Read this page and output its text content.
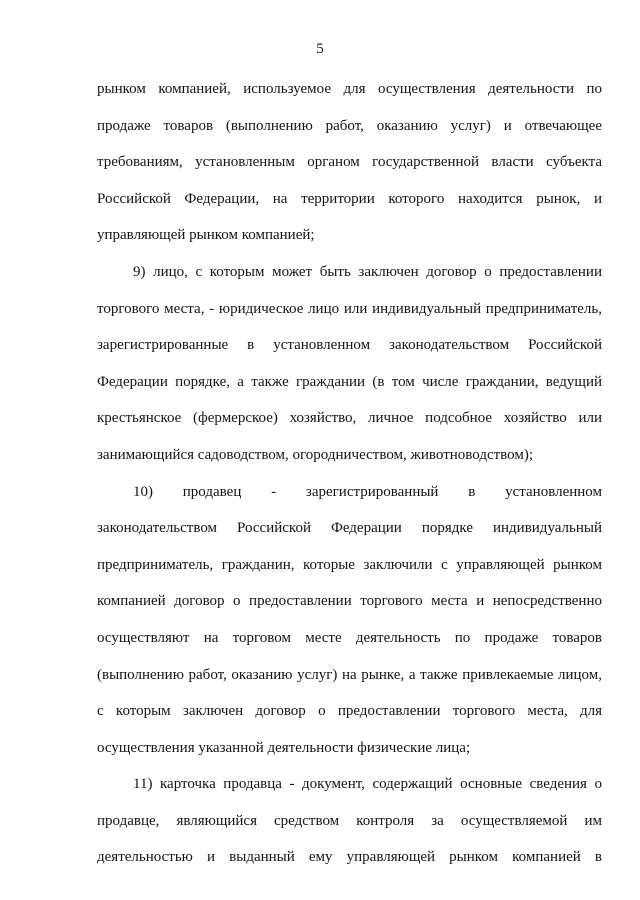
5
рынком компанией, используемое для осуществления деятельности по
продаже товаров (выполнению работ, оказанию услуг) и отвечающее
требованиям, установленным органом государственной власти субъекта
Российской Федерации, на территории которого находится рынок, и
управляющей рынком компанией;
9) лицо, с которым может быть заключен договор о предоставлении
торгового места, - юридическое лицо или индивидуальный предприниматель,
зарегистрированные в установленном законодательством Российской
Федерации порядке, а также граждании (в том числе граждании, ведущий
крестьянское (фермерское) хозяйство, личное подсобное хозяйство или
занимающийся садоводством, огородничеством, животноводством);
10) продавец - зарегистрированный в установленном
законодательством Российской Федерации порядке индивидуальный
предприниматель, гражданин, которые заключили с управляющей рынком
компанией договор о предоставлении торгового места и непосредственно
осуществляют на торговом месте деятельность по продаже товаров
(выполнению работ, оказанию услуг) на рынке, а также привлекаемые лицом,
с которым заключен договор о предоставлении торгового места, для
осуществления указанной деятельности физические лица;
11) карточка продавца - документ, содержащий основные сведения о
продавце, являющийся средством контроля за осуществляемой им
деятельностью и выданный ему управляющей рынком компанией в
